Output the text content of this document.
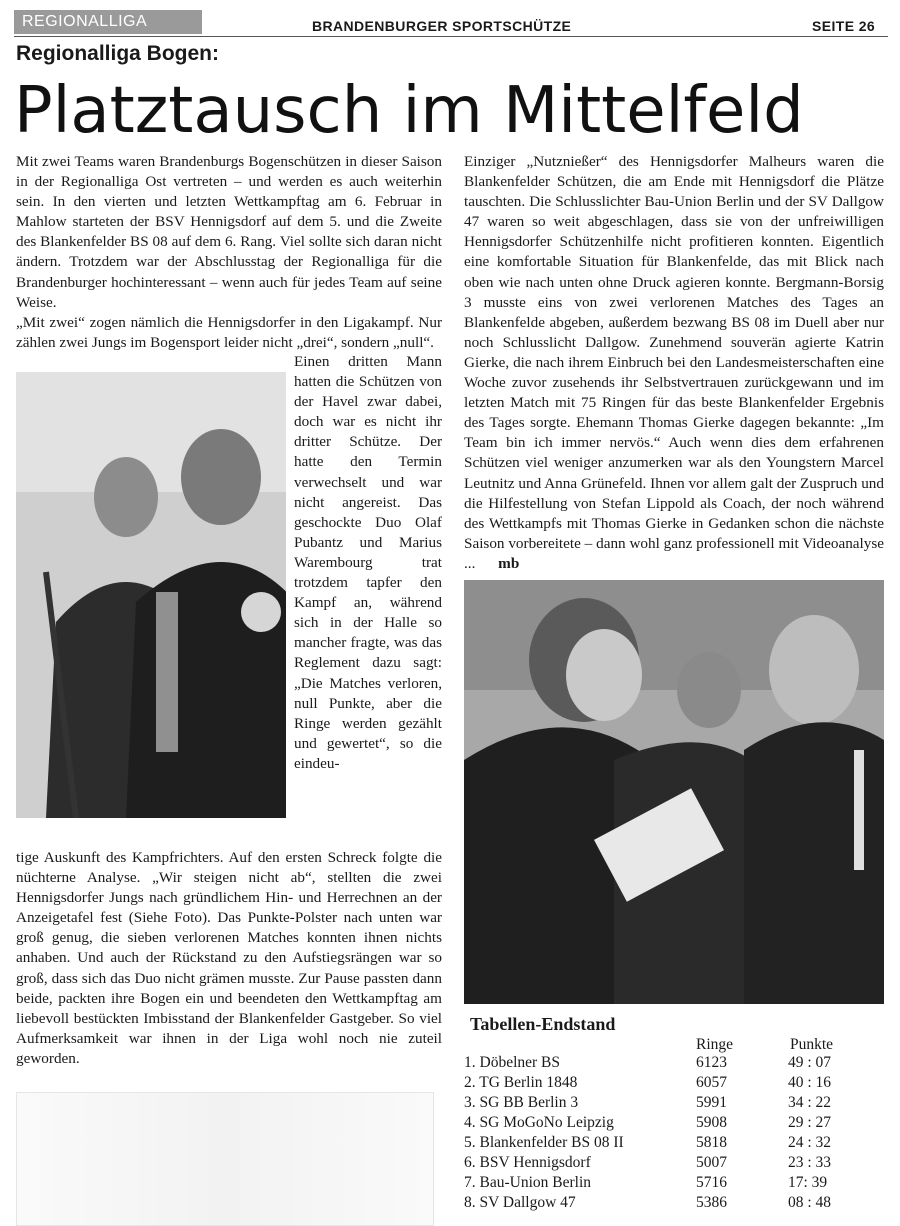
REGIONALLIGA	BRANDENBURGER SPORTSCHÜTZE	SEITE 26
Regionalliga Bogen:
Platztausch im Mittelfeld

Mit zwei Teams waren Brandenburgs Bogenschützen in dieser Saison in der Regionalliga Ost vertreten – und werden es auch weiterhin sein. In den vierten und letzten Wettkampftag am 6. Februar in Mahlow starteten der BSV Hennigsdorf auf dem 5. und die Zweite des Blankenfelder BS 08 auf dem 6. Rang. Viel sollte sich daran nicht ändern. Trotzdem war der Abschlusstag der Regionalliga für die Brandenburger hochinteressant – wenn auch für jedes Team auf seine Weise.

„Mit zwei“ zogen nämlich die Hennigsdorfer in den Ligakampf. Nur zählen zwei Jungs im Bogensport leider nicht „drei“, sondern „null“.

Einen dritten Mann hatten die Schützen von der Havel zwar dabei, doch war es nicht ihr dritter Schütze. Der hatte den Termin verwechselt und war nicht angereist. Das geschockte Duo Olaf Pubantz und Marius Warembourg trat trotzdem tapfer den Kampf an, während sich in der Halle so mancher fragte, was das Reglement dazu sagt: „Die Matches verloren, null Punkte, aber die Ringe werden gezählt und gewertet“, so die eindeu-

tige Auskunft des Kampfrichters. Auf den ersten Schreck folgte die nüchterne Analyse. „Wir steigen nicht ab“, stellten die zwei Hennigsdorfer Jungs nach gründlichem Hin- und Herrechnen an der Anzeigetafel fest (Siehe Foto). Das Punkte-Polster nach unten war groß genug, die sieben verlorenen Matches konnten ihnen nichts anhaben. Und auch der Rückstand zu den Aufstiegsrängen war so groß, dass sich das Duo nicht grämen musste. Zur Pause passten dann beide, packten ihre Bogen ein und beendeten den Wettkampftag am liebevoll bestückten Imbisstand der Blankenfelder Gastgeber. So viel Aufmerksamkeit war ihnen in der Liga wohl noch nie zuteil geworden.

Einziger „Nutznießer“ des Hennigsdorfer Malheurs waren die Blankenfelder Schützen, die am Ende mit Hennigsdorf die Plätze tauschten. Die Schlusslichter Bau-Union Berlin und der SV Dallgow 47 waren so weit abgeschlagen, dass sie von der unfreiwilligen Hennigsdorfer Schützenhilfe nicht profitieren konnten. Eigentlich eine komfortable Situation für Blankenfelde, das mit Blick nach oben wie nach unten ohne Druck agieren konnte. Bergmann-Borsig 3 musste eins von zwei verlorenen Matches des Tages an Blankenfelde abgeben, außerdem bezwang BS 08 im Duell aber nur noch Schlusslicht Dallgow. Zunehmend souverän agierte Katrin Gierke, die nach ihrem Einbruch bei den Landesmeisterschaften eine Woche zuvor zusehends ihr Selbstvertrauen zurückgewann und im letzten Match mit 75 Ringen für das beste Blankenfelder Ergebnis des Tages sorgte. Ehemann Thomas Gierke dagegen bekannte: „Im Team bin ich immer nervös.“ Auch wenn dies dem erfahrenen Schützen viel weniger anzumerken war als den Youngstern Marcel Leutnitz und Anna Grünefeld. Ihnen vor allem galt der Zuspruch und die Hilfestellung von Stefan Lippold als Coach, der noch während des Wettkampfs mit Thomas Gierke in Gedanken schon die nächste Saison vorbereitete – dann wohl ganz professionell mit Videoanalyse ... mb

Tabellen-Endstand
Ringe	Punkte
1. Döbelner BS	6123	49 : 07
2. TG Berlin 1848	6057	40 : 16
3. SG BB Berlin 3	5991	34 : 22
4. SG MoGoNo Leipzig	5908	29 : 27
5. Blankenfelder BS 08 II	5818	24 : 32
6. BSV Hennigsdorf	5007	23 : 33
7. Bau-Union Berlin	5716	17: 39
8. SV Dallgow 47	5386	08 : 48
